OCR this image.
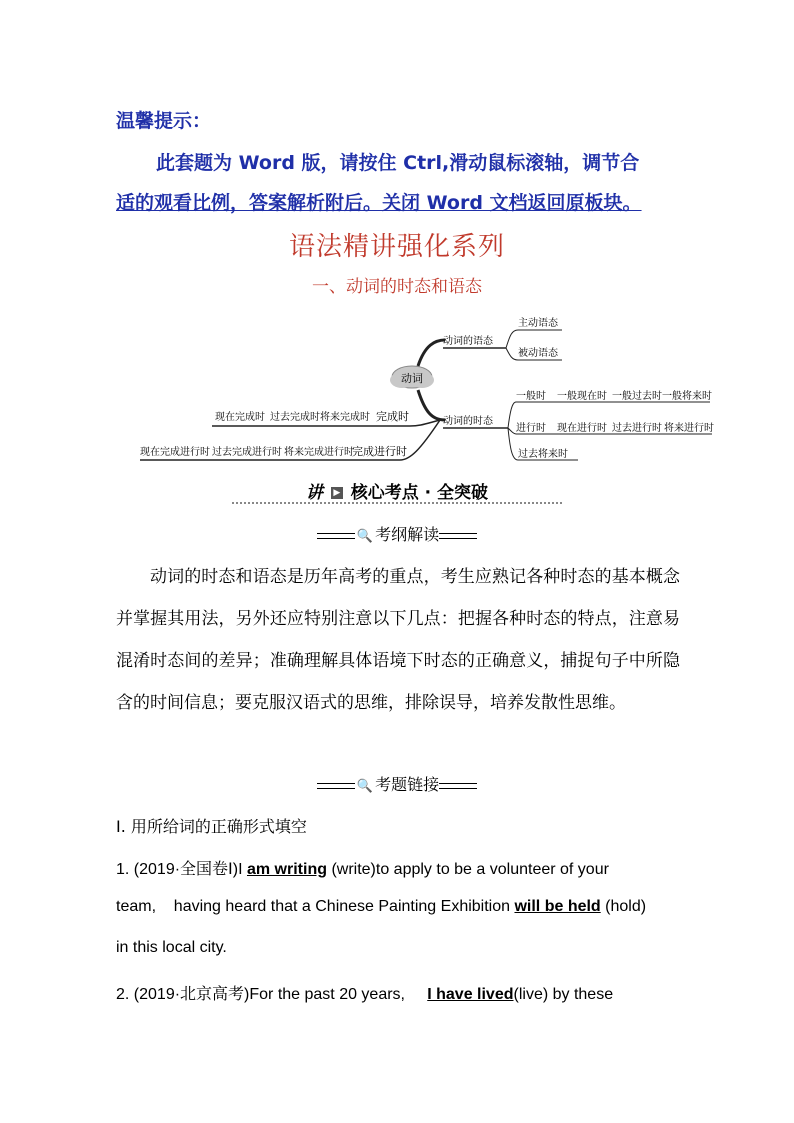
温馨提示：
此套题为 Word 版，请按住 Ctrl,滑动鼠标滚轴，调节合
适的观看比例，答案解析附后。关闭 Word 文档返回原板块。
语法精讲强化系列
一、动词的时态和语态
动词
动词的语态
主动语态
被动语态
动词的时态
一般时 一般现在时 一般过去时 一般将来时
进行时 现在进行时 过去进行时 将来进行时
过去将来时
现在完成时 过去完成时 将来完成时 完成时
现在完成进行时 过去完成进行时 将来完成进行时
完成进行时
讲 ▶ 核心考点 · 全突破
🔍 考纲解读
动词的时态和语态是历年高考的重点，考生应熟记各种时态的基本概念并掌握其用法，另外还应特别注意以下几点：把握各种时态的特点，注意易混淆时态间的差异；准确理解具体语境下时态的正确意义，捕捉句子中所隐含的时间信息；要克服汉语式的思维，排除误导，培养发散性思维。
🔍 考题链接
Ⅰ. 用所给词的正确形式填空
1. (2019·全国卷Ⅰ)I am writing (write)to apply to be a volunteer of your
team,    having heard that a Chinese Painting Exhibition will be held (hold)
in this local city.
2. (2019·北京高考)For the past 20 years,     I have lived(live) by these
